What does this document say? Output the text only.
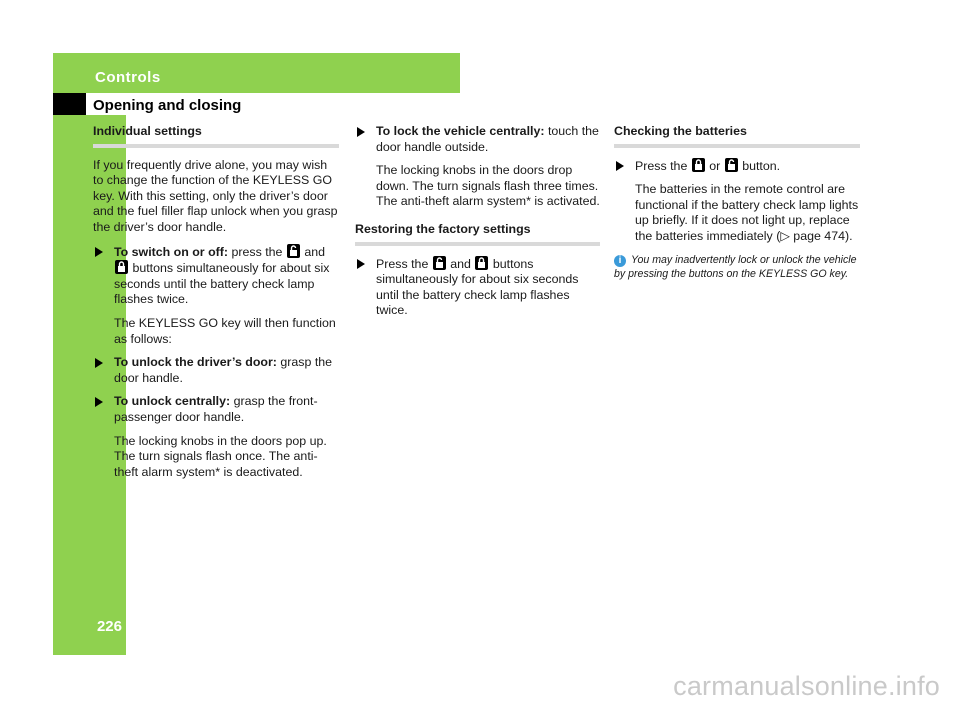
Controls
Opening and closing
226
Individual settings

If you frequently drive alone, you may wish to change the function of the KEYLESS GO key. With this setting, only the driver’s door and the fuel filler flap unlock when you grasp the driver’s door handle.

To switch on or off: press the and
buttons simultaneously for about six seconds until the battery check lamp flashes twice.
The KEYLESS GO key will then function as follows:
To unlock the driver’s door: grasp the door handle.
To unlock centrally: grasp the front-passenger door handle.
The locking knobs in the doors pop up. The turn signals flash once. The anti-theft alarm system* is deactivated.
To lock the vehicle centrally: touch the door handle outside.
The locking knobs in the doors drop down. The turn signals flash three times. The anti-theft alarm system* is activated.
Restoring the factory settings
Press the and buttons simultaneously for about six seconds until the battery check lamp flashes twice.
Checking the batteries
Press the or button.
The batteries in the remote control are functional if the battery check lamp lights up briefly. If it does not light up, replace the batteries immediately (▷ page 474).
i You may inadvertently lock or unlock the vehicle by pressing the buttons on the KEYLESS GO key.
carmanualsonline.info
